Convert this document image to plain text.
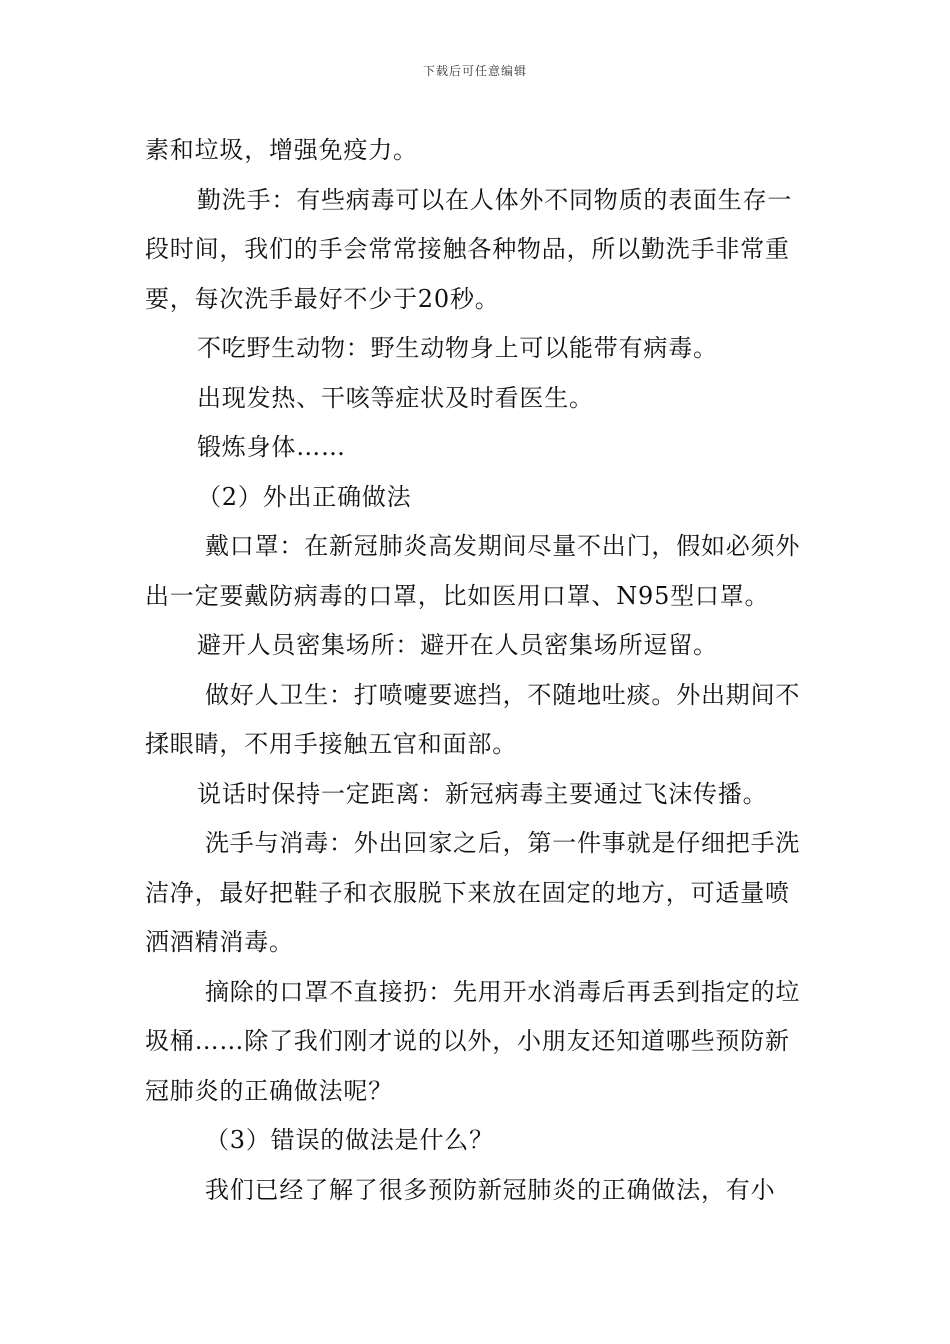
下载后可任意编辑

素和垃圾，增强免疫力。

勤洗手：有些病毒可以在人体外不同物质的表面生存一段时间，我们的手会常常接触各种物品，所以勤洗手非常重要，每次洗手最好不少于20秒。

不吃野生动物：野生动物身上可以能带有病毒。

出现发热、干咳等症状及时看医生。

锻炼身体……

（2）外出正确做法

戴口罩：在新冠肺炎高发期间尽量不出门，假如必须外出一定要戴防病毒的口罩，比如医用口罩、N95型口罩。

避开人员密集场所：避开在人员密集场所逗留。

做好人卫生：打喷嚏要遮挡，不随地吐痰。外出期间不揉眼睛，不用手接触五官和面部。

说话时保持一定距离：新冠病毒主要通过飞沫传播。

洗手与消毒：外出回家之后，第一件事就是仔细把手洗洁净，最好把鞋子和衣服脱下来放在固定的地方，可适量喷洒酒精消毒。

摘除的口罩不直接扔：先用开水消毒后再丢到指定的垃圾桶……除了我们刚才说的以外，小朋友还知道哪些预防新冠肺炎的正确做法呢？

（3）错误的做法是什么？

我们已经了解了很多预防新冠肺炎的正确做法，有小
